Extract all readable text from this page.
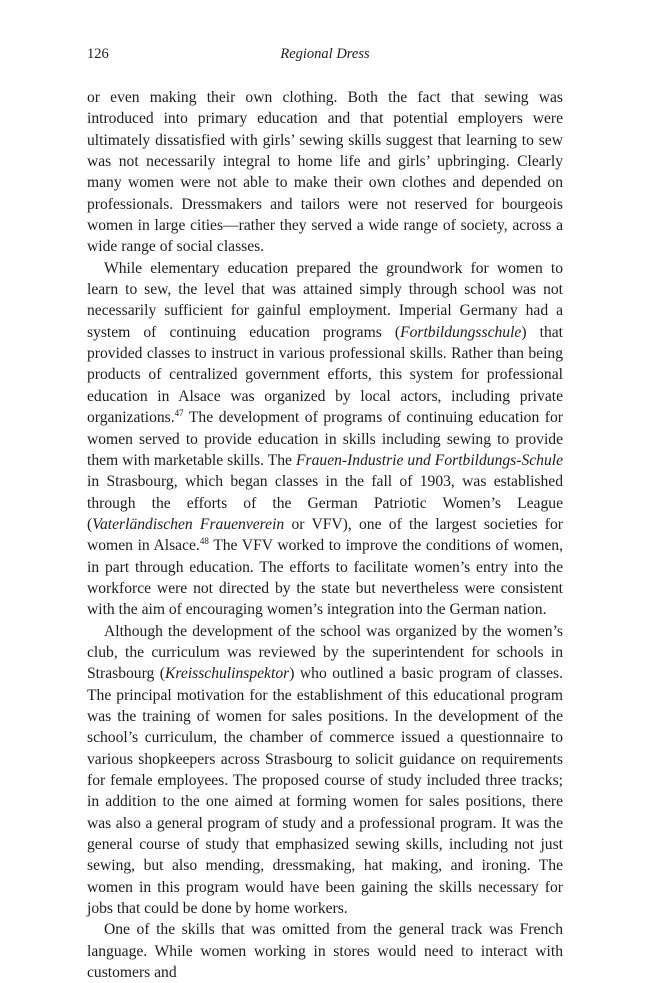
126	Regional Dress

or even making their own clothing. Both the fact that sewing was introduced into primary education and that potential employers were ultimately dissatisfied with girls’ sewing skills suggest that learning to sew was not necessarily integral to home life and girls’ upbringing. Clearly many women were not able to make their own clothes and depended on professionals. Dressmakers and tailors were not reserved for bourgeois women in large cities—rather they served a wide range of society, across a wide range of social classes.

While elementary education prepared the groundwork for women to learn to sew, the level that was attained simply through school was not necessarily sufficient for gainful employment. Imperial Germany had a system of continuing education programs (Fortbildungsschule) that provided classes to instruct in various professional skills. Rather than being products of centralized government efforts, this system for professional education in Alsace was organized by local actors, including private organizations.$^{47}$ The development of programs of continuing education for women served to provide education in skills including sewing to provide them with marketable skills. The Frauen-Industrie und Fortbildungs-Schule in Strasbourg, which began classes in the fall of 1903, was established through the efforts of the German Patriotic Women’s League (Vaterländischen Frauenverein or VFV), one of the largest societies for women in Alsace.$^{48}$ The VFV worked to improve the conditions of women, in part through education. The efforts to facilitate women’s entry into the workforce were not directed by the state but nevertheless were consistent with the aim of encouraging women’s integration into the German nation.

Although the development of the school was organized by the women’s club, the curriculum was reviewed by the superintendent for schools in Strasbourg (Kreisschulinspektor) who outlined a basic program of classes. The principal motivation for the establishment of this educational program was the training of women for sales positions. In the development of the school’s curriculum, the chamber of commerce issued a questionnaire to various shopkeepers across Strasbourg to solicit guidance on requirements for female employees. The proposed course of study included three tracks; in addition to the one aimed at forming women for sales positions, there was also a general program of study and a professional program. It was the general course of study that emphasized sewing skills, including not just sewing, but also mending, dressmaking, hat making, and ironing. The women in this program would have been gaining the skills necessary for jobs that could be done by home workers.

One of the skills that was omitted from the general track was French language. While women working in stores would need to interact with customers and
